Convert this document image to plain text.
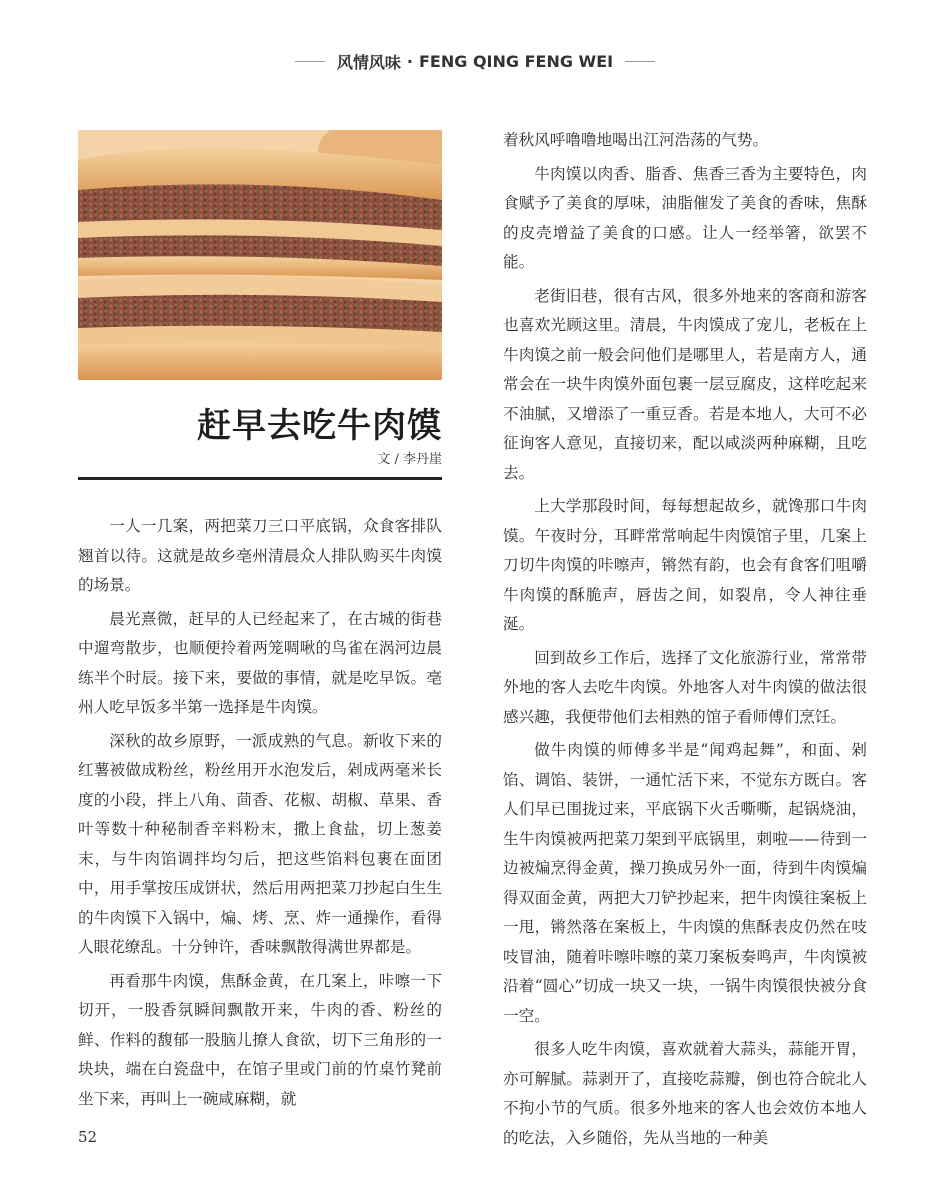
风情风味 · FENG QING FENG WEI
赶早去吃牛肉馍
文 / 李丹崖

一人一几案，两把菜刀三口平底锅，众食客排队翘首以待。这就是故乡亳州清晨众人排队购买牛肉馍的场景。

晨光熹微，赶早的人已经起来了，在古城的街巷中遛弯散步，也顺便拎着两笼啁啾的鸟雀在涡河边晨练半个时辰。接下来，要做的事情，就是吃早饭。亳州人吃早饭多半第一选择是牛肉馍。

深秋的故乡原野，一派成熟的气息。新收下来的红薯被做成粉丝，粉丝用开水泡发后，剁成两毫米长度的小段，拌上八角、茴香、花椒、胡椒、草果、香叶等数十种秘制香辛料粉末，撒上食盐，切上葱姜末，与牛肉馅调拌均匀后，把这些馅料包裹在面团中，用手掌按压成饼状，然后用两把菜刀抄起白生生的牛肉馍下入锅中，煸、烤、烹、炸一通操作，看得人眼花缭乱。十分钟许，香味飘散得满世界都是。

再看那牛肉馍，焦酥金黄，在几案上，咔嚓一下切开，一股香氛瞬间飘散开来，牛肉的香、粉丝的鲜、作料的馥郁一股脑儿撩人食欲，切下三角形的一块块，端在白瓷盘中，在馆子里或门前的竹桌竹凳前坐下来，再叫上一碗咸麻糊，就

着秋风呼噜噜地喝出江河浩荡的气势。

牛肉馍以肉香、脂香、焦香三香为主要特色，肉食赋予了美食的厚味，油脂催发了美食的香味，焦酥的皮壳增益了美食的口感。让人一经举箸，欲罢不能。

老街旧巷，很有古风，很多外地来的客商和游客也喜欢光顾这里。清晨，牛肉馍成了宠儿，老板在上牛肉馍之前一般会问他们是哪里人，若是南方人，通常会在一块牛肉馍外面包裹一层豆腐皮，这样吃起来不油腻，又增添了一重豆香。若是本地人，大可不必征询客人意见，直接切来，配以咸淡两种麻糊，且吃去。

上大学那段时间，每每想起故乡，就馋那口牛肉馍。午夜时分，耳畔常常响起牛肉馍馆子里，几案上刀切牛肉馍的咔嚓声，锵然有韵，也会有食客们咀嚼牛肉馍的酥脆声，唇齿之间，如裂帛，令人神往垂涎。

回到故乡工作后，选择了文化旅游行业，常常带外地的客人去吃牛肉馍。外地客人对牛肉馍的做法很感兴趣，我便带他们去相熟的馆子看师傅们烹饪。

做牛肉馍的师傅多半是“闻鸡起舞”，和面、剁馅、调馅、装饼，一通忙活下来，不觉东方既白。客人们早已围拢过来，平底锅下火舌嘶嘶，起锅烧油，生牛肉馍被两把菜刀架到平底锅里，刺啦——待到一边被煸烹得金黄，操刀换成另外一面，待到牛肉馍煸得双面金黄，两把大刀铲抄起来，把牛肉馍往案板上一甩，锵然落在案板上，牛肉馍的焦酥表皮仍然在吱吱冒油，随着咔嚓咔嚓的菜刀案板奏鸣声，牛肉馍被沿着“圆心”切成一块又一块，一锅牛肉馍很快被分食一空。

很多人吃牛肉馍，喜欢就着大蒜头，蒜能开胃，亦可解腻。蒜剥开了，直接吃蒜瓣，倒也符合皖北人不拘小节的气质。很多外地来的客人也会效仿本地人的吃法，入乡随俗，先从当地的一种美

52
